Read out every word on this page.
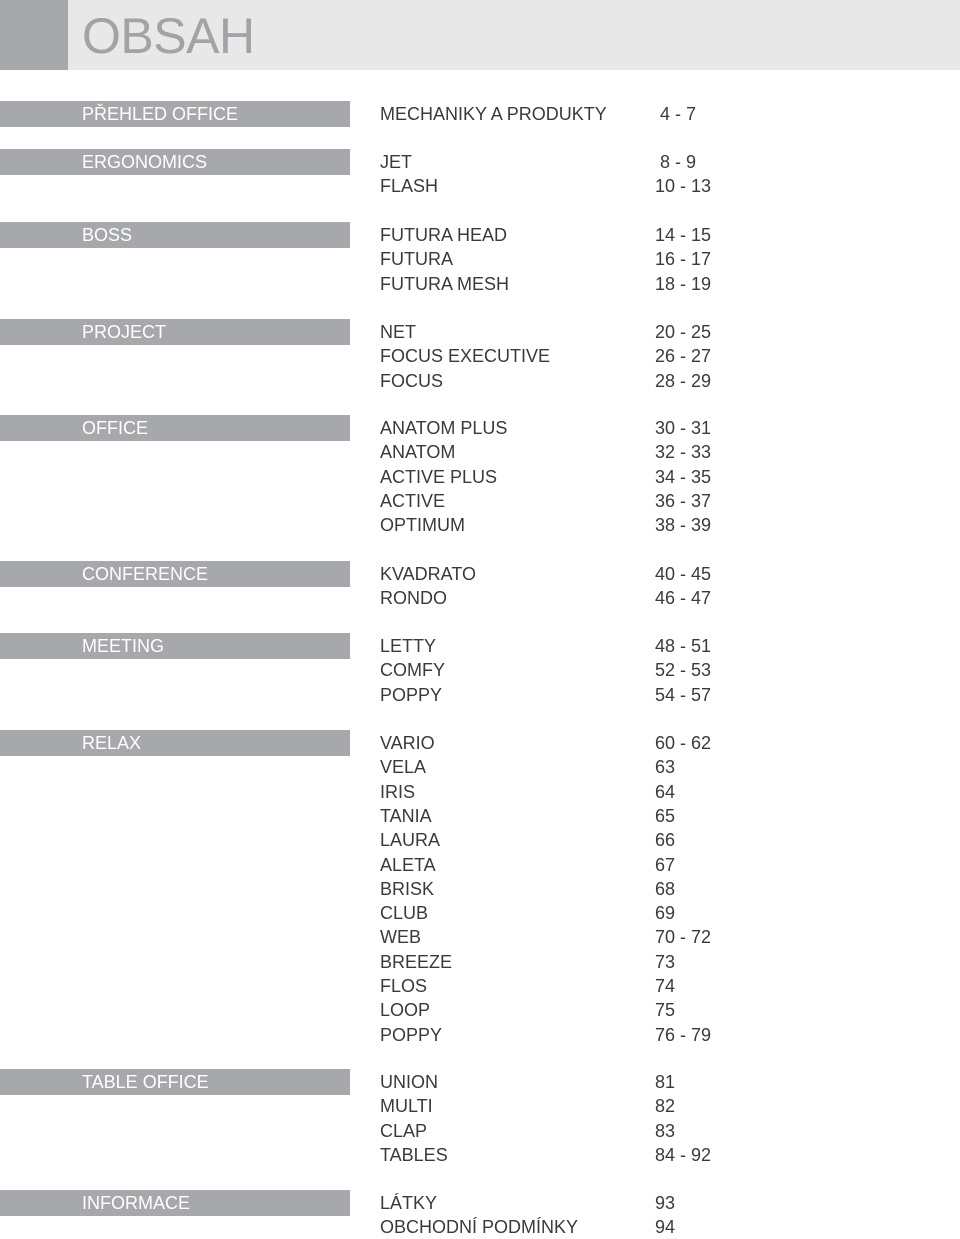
OBSAH
PŘEHLED OFFICE	MECHANIKY A PRODUKTY	4 - 7
ERGONOMICS	JET	8 - 9
FLASH	10 - 13
BOSS	FUTURA HEAD	14 - 15
FUTURA	16 - 17
FUTURA MESH	18 - 19
PROJECT	NET	20 - 25
FOCUS EXECUTIVE	26 - 27
FOCUS	28 - 29
OFFICE	ANATOM PLUS	30 - 31
ANATOM	32 - 33
ACTIVE PLUS	34 - 35
ACTIVE	36 - 37
OPTIMUM	38 - 39
CONFERENCE	KVADRATO	40 - 45
RONDO	46 - 47
MEETING	LETTY	48 - 51
COMFY	52 - 53
POPPY	54 - 57
RELAX	VARIO	60 - 62
VELA	63
IRIS	64
TANIA	65
LAURA	66
ALETA	67
BRISK	68
CLUB	69
WEB	70 - 72
BREEZE	73
FLOS	74
LOOP	75
POPPY	76 - 79
TABLE OFFICE	UNION	81
MULTI	82
CLAP	83
TABLES	84 - 92
INFORMACE	LÁTKY	93
OBCHODNÍ PODMÍNKY	94
